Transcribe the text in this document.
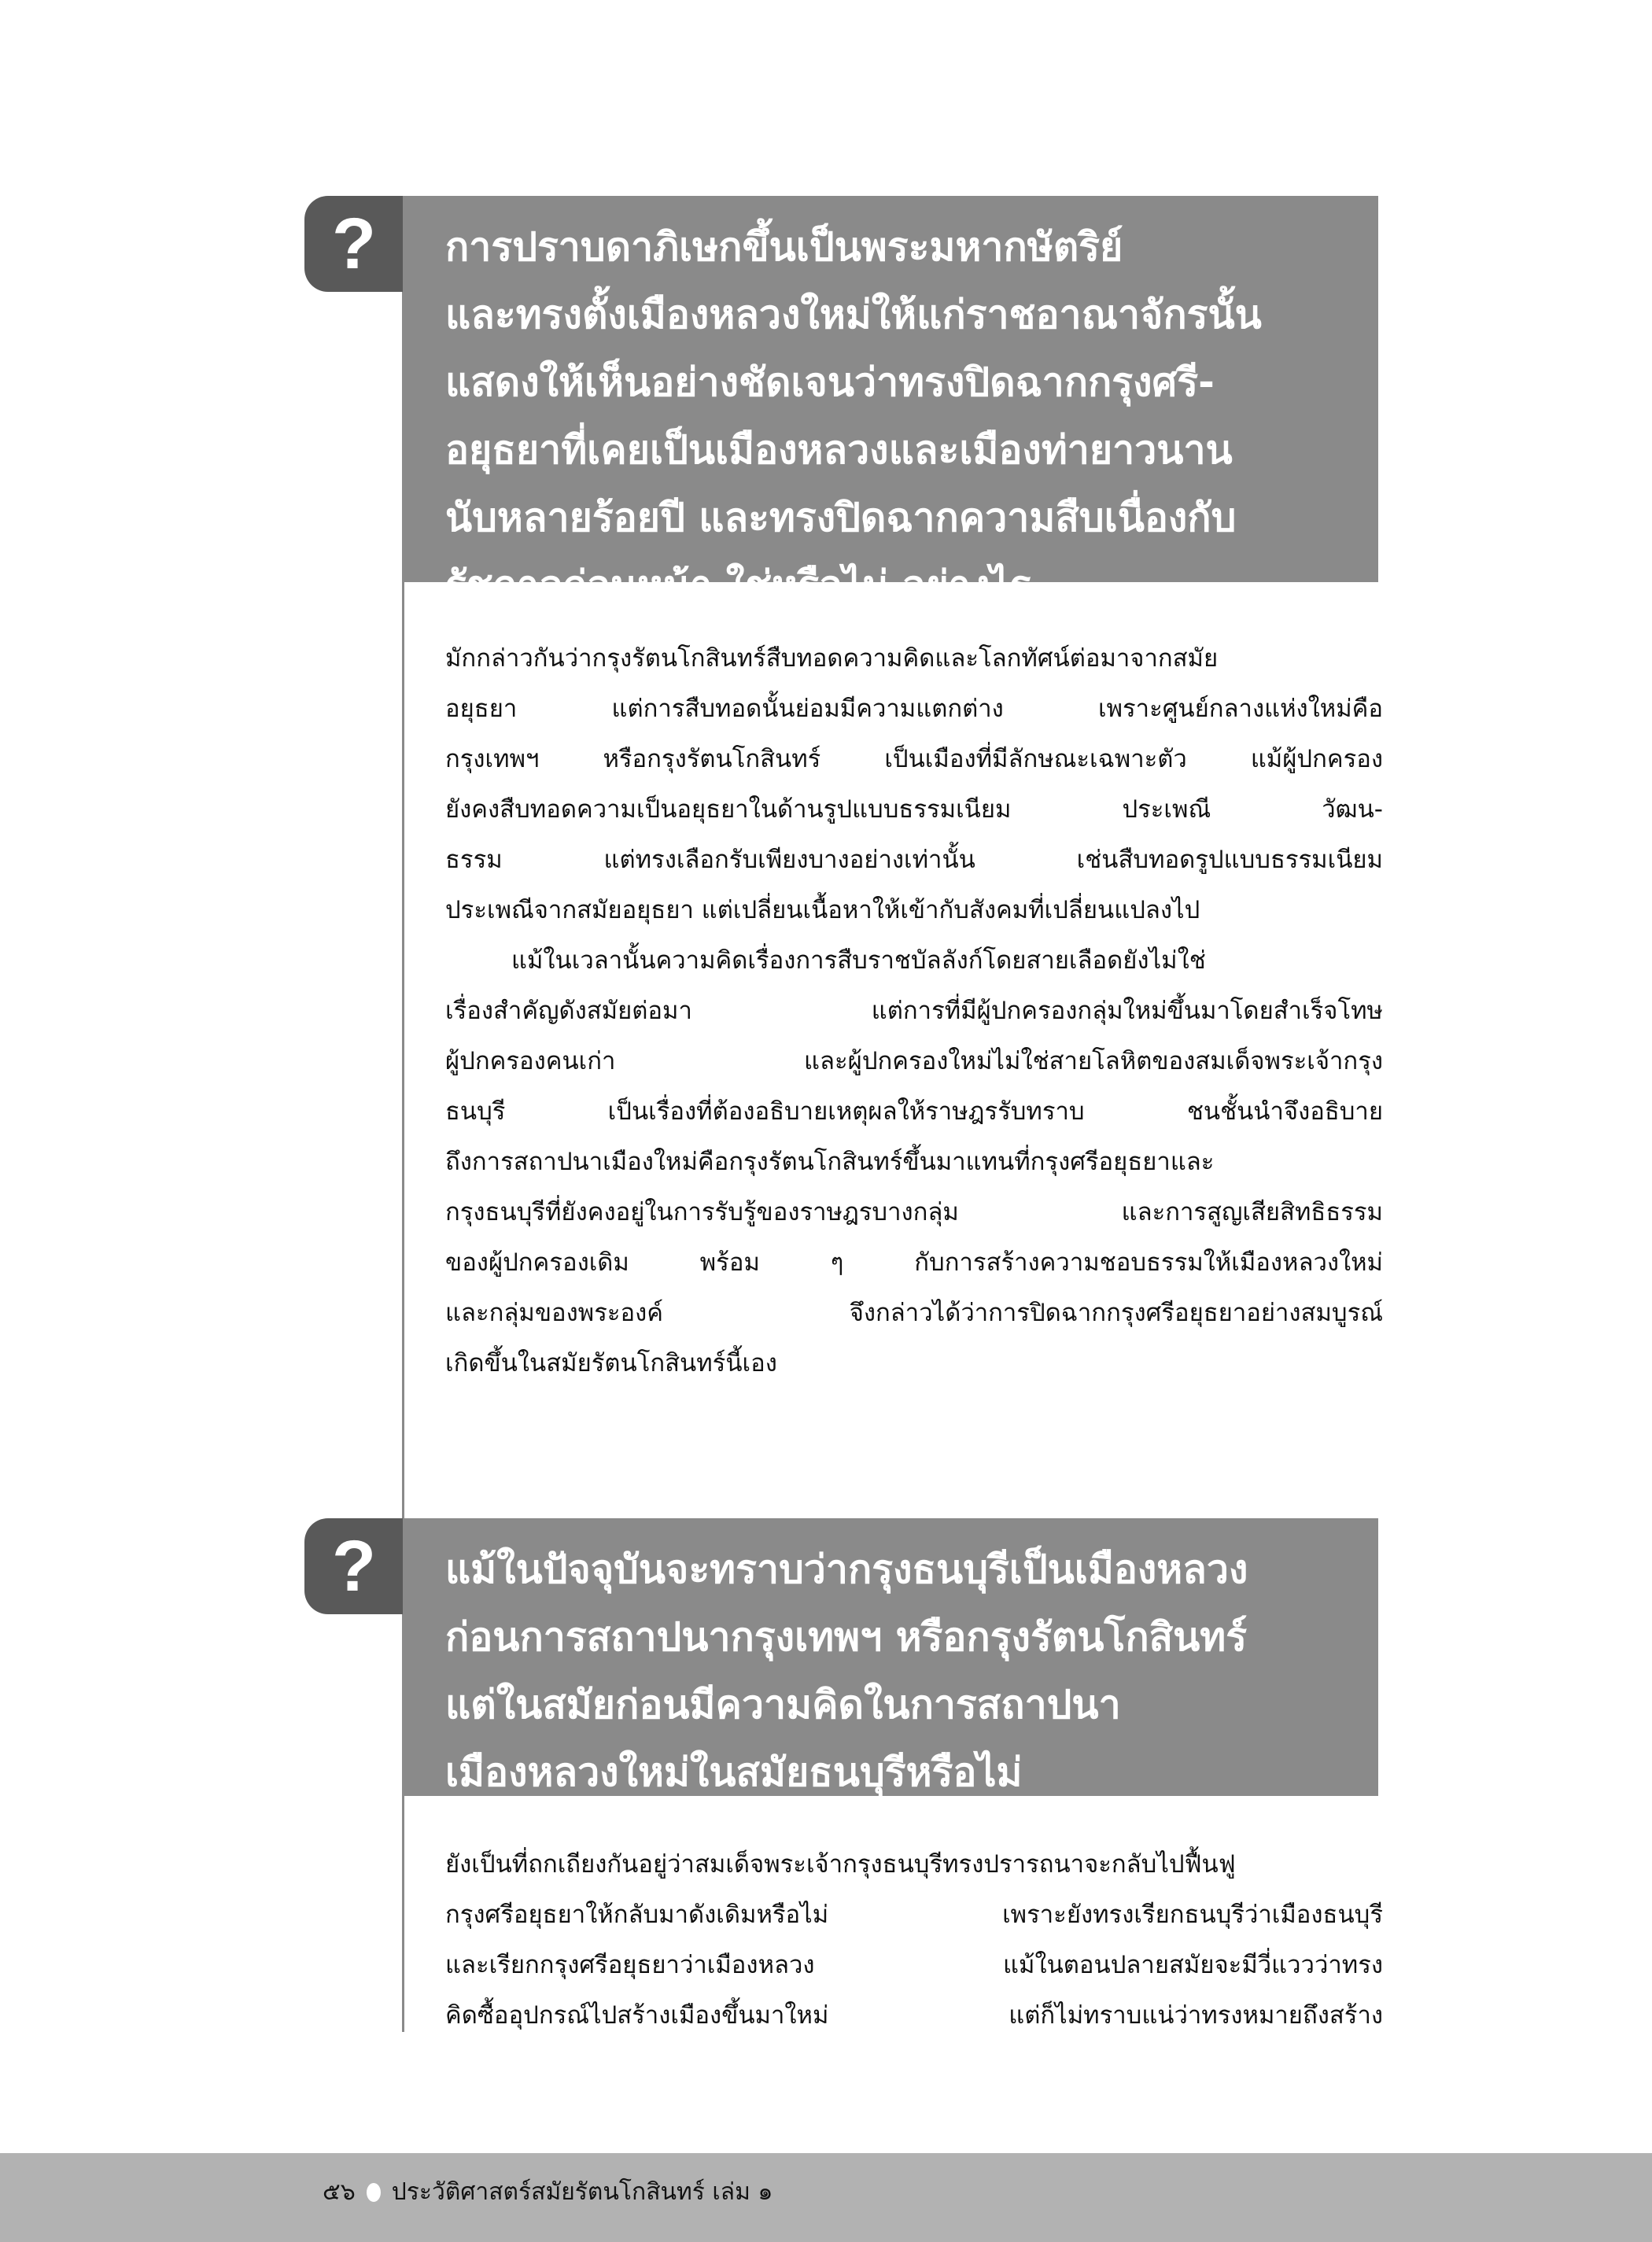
? การปราบดาภิเษกขึ้นเป็นพระมหากษัตริย์
และทรงตั้งเมืองหลวงใหม่ให้แก่ราชอาณาจักรนั้น
แสดงให้เห็นอย่างชัดเจนว่าทรงปิดฉากกรุงศรี-
อยุธยาที่เคยเป็นเมืองหลวงและเมืองท่ายาวนาน
นับหลายร้อยปี และทรงปิดฉากความสืบเนื่องกับ
รัชกาลก่อนหน้า ใช่หรือไม่ อย่างไร
มักกล่าวกันว่ากรุงรัตนโกสินทร์สืบทอดความคิดและโลกทัศน์ต่อมาจากสมัย
อยุธยา แต่การสืบทอดนั้นย่อมมีความแตกต่าง เพราะศูนย์กลางแห่งใหม่คือ
กรุงเทพฯ หรือกรุงรัตนโกสินทร์ เป็นเมืองที่มีลักษณะเฉพาะตัว แม้ผู้ปกครอง
ยังคงสืบทอดความเป็นอยุธยาในด้านรูปแบบธรรมเนียม ประเพณี วัฒน-
ธรรม แต่ทรงเลือกรับเพียงบางอย่างเท่านั้น เช่นสืบทอดรูปแบบธรรมเนียม
ประเพณีจากสมัยอยุธยา แต่เปลี่ยนเนื้อหาให้เข้ากับสังคมที่เปลี่ยนแปลงไป
แม้ในเวลานั้นความคิดเรื่องการสืบราชบัลลังก์โดยสายเลือดยังไม่ใช่
เรื่องสำคัญดังสมัยต่อมา แต่การที่มีผู้ปกครองกลุ่มใหม่ขึ้นมาโดยสำเร็จโทษ
ผู้ปกครองคนเก่า และผู้ปกครองใหม่ไม่ใช่สายโลหิตของสมเด็จพระเจ้ากรุง
ธนบุรี เป็นเรื่องที่ต้องอธิบายเหตุผลให้ราษฎรรับทราบ ชนชั้นนำจึงอธิบาย
ถึงการสถาปนาเมืองใหม่คือกรุงรัตนโกสินทร์ขึ้นมาแทนที่กรุงศรีอยุธยาและ
กรุงธนบุรีที่ยังคงอยู่ในการรับรู้ของราษฎรบางกลุ่ม และการสูญเสียสิทธิธรรม
ของผู้ปกครองเดิม พร้อม ๆ กับการสร้างความชอบธรรมให้เมืองหลวงใหม่
และกลุ่มของพระองค์ จึงกล่าวได้ว่าการปิดฉากกรุงศรีอยุธยาอย่างสมบูรณ์
เกิดขึ้นในสมัยรัตนโกสินทร์นี้เอง
? แม้ในปัจจุบันจะทราบว่ากรุงธนบุรีเป็นเมืองหลวง
ก่อนการสถาปนากรุงเทพฯ หรือกรุงรัตนโกสินทร์
แต่ในสมัยก่อนมีความคิดในการสถาปนา
เมืองหลวงใหม่ในสมัยธนบุรีหรือไม่
ยังเป็นที่ถกเถียงกันอยู่ว่าสมเด็จพระเจ้ากรุงธนบุรีทรงปรารถนาจะกลับไปฟื้นฟู
กรุงศรีอยุธยาให้กลับมาดังเดิมหรือไม่ เพราะยังทรงเรียกธนบุรีว่าเมืองธนบุรี
และเรียกกรุงศรีอยุธยาว่าเมืองหลวง แม้ในตอนปลายสมัยจะมีวี่แววว่าทรง
คิดซื้ออุปกรณ์ไปสร้างเมืองขึ้นมาใหม่ แต่ก็ไม่ทราบแน่ว่าทรงหมายถึงสร้าง
๕๖ ประวัติศาสตร์สมัยรัตนโกสินทร์ เล่ม ๑
